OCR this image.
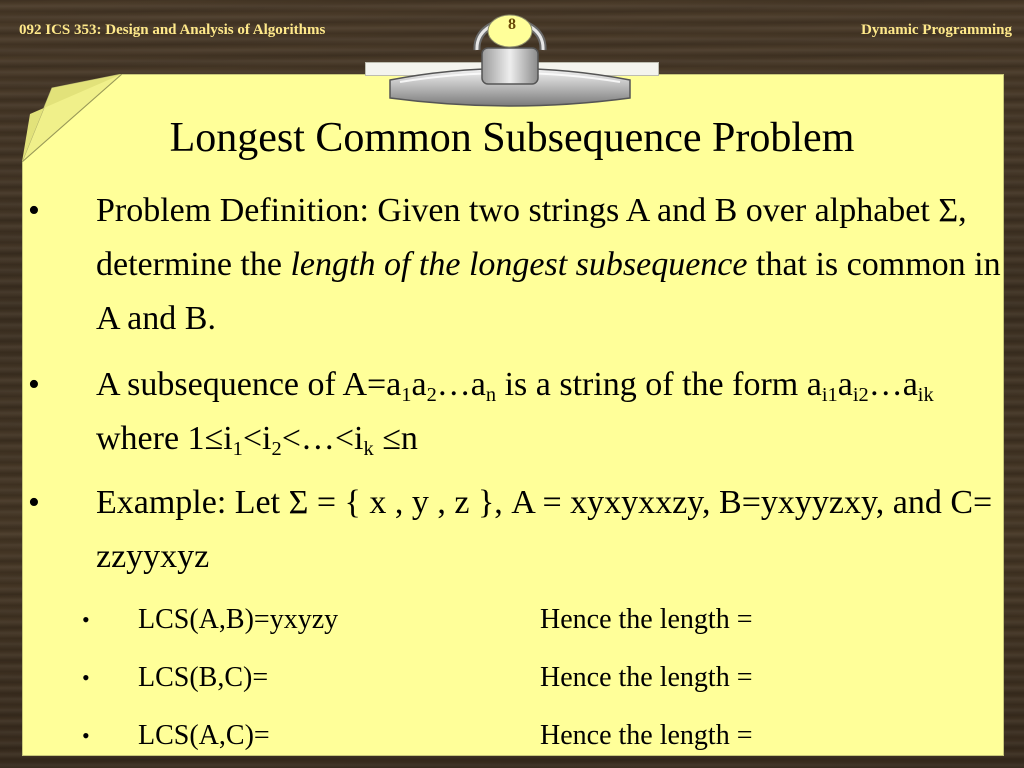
092 ICS 353: Design and Analysis of Algorithms	Dynamic Programming
8
Longest Common Subsequence Problem
• Problem Definition: Given two strings A and B over alphabet Σ, determine the length of the longest subsequence that is common in A and B.
• A subsequence of $A=a_1a_2\dots a_n$ is a string of the form $a_{i1}a_{i2}\dots a_{ik}$ where $1\le i_1<i_2<\dots<i_k \le n$
• Example: Let Σ = { x , y , z }, A = xyxyxxzy, B=yxyyzxy, and C= zzyyxyz
• LCS(A,B)=yxyzy	Hence the length =
• LCS(B,C)=	Hence the length =
• LCS(A,C)=	Hence the length =
